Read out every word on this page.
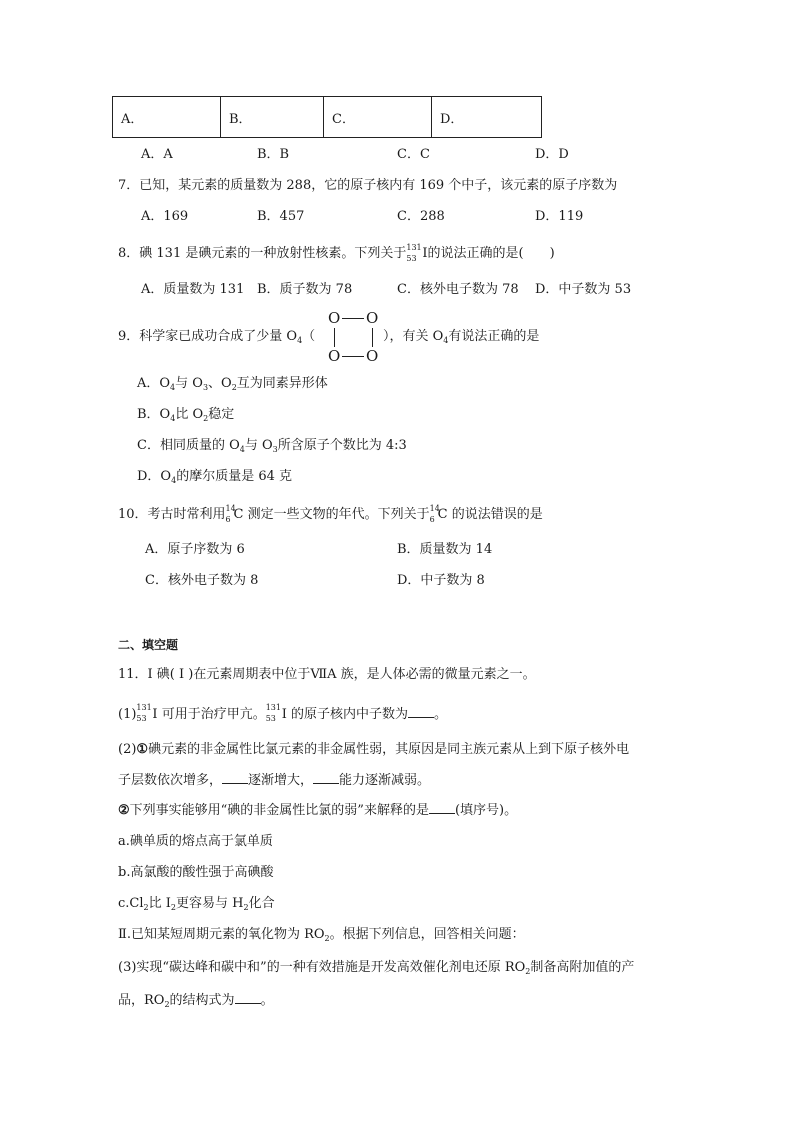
A．	B．	C．	D．
A．A	B．B	C．C	D．D
7．已知，某元素的质量数为 288，它的原子核内有 169 个中子，该元素的原子序数为
A．169	B．457	C．288	D．119
8．碘 131 是碘元素的一种放射性核素。下列关于 131
53 I的说法正确的是(　　)
A．质量数为 131 B．质子数为 78	C．核外电子数为 78 D．中子数为 53
9．科学家已成功合成了少量 $O_4$（	），有关 $O_4$有说法正确的是
O O
O O
A．$O_4$与 $O_3$、$O_2$互为同素异形体
B．$O_4$比 $O_2$稳定
C．相同质量的 $O_4$与 $O_3$所含原子个数比为 4:3
D．$O_4$的摩尔质量是 64 克
10．考古时常利用 14
6 C 测定一些文物的年代。下列关于 14
6 C 的说法错误的是
A．原子序数为 6	B．质量数为 14
C．核外电子数为 8	D．中子数为 8
二、填空题
11．I 碘( I )在元素周期表中位于ⅦA 族，是人体必需的微量元素之一。
(1) 131
53 I 可用于治疗甲亢。 131
53 I 的原子核内中子数为 。
(2)①碘元素的非金属性比氯元素的非金属性弱，其原因是同主族元素从上到下原子核外电
子层数依次增多， 逐渐增大， 能力逐渐减弱。
②下列事实能够用“碘的非金属性比氯的弱”来解释的是 (填序号)。
a.碘单质的熔点高于氯单质
b.高氯酸的酸性强于高碘酸
$c.Cl_2$比 $I_2$更容易与 $H_2$化合
Ⅱ.已知某短周期元素的氧化物为 $RO_2$。根据下列信息，回答相关问题：
(3)实现“碳达峰和碳中和”的一种有效措施是开发高效催化剂电还原 $RO_2$制备高附加值的产
品，$RO_2$的结构式为 。
